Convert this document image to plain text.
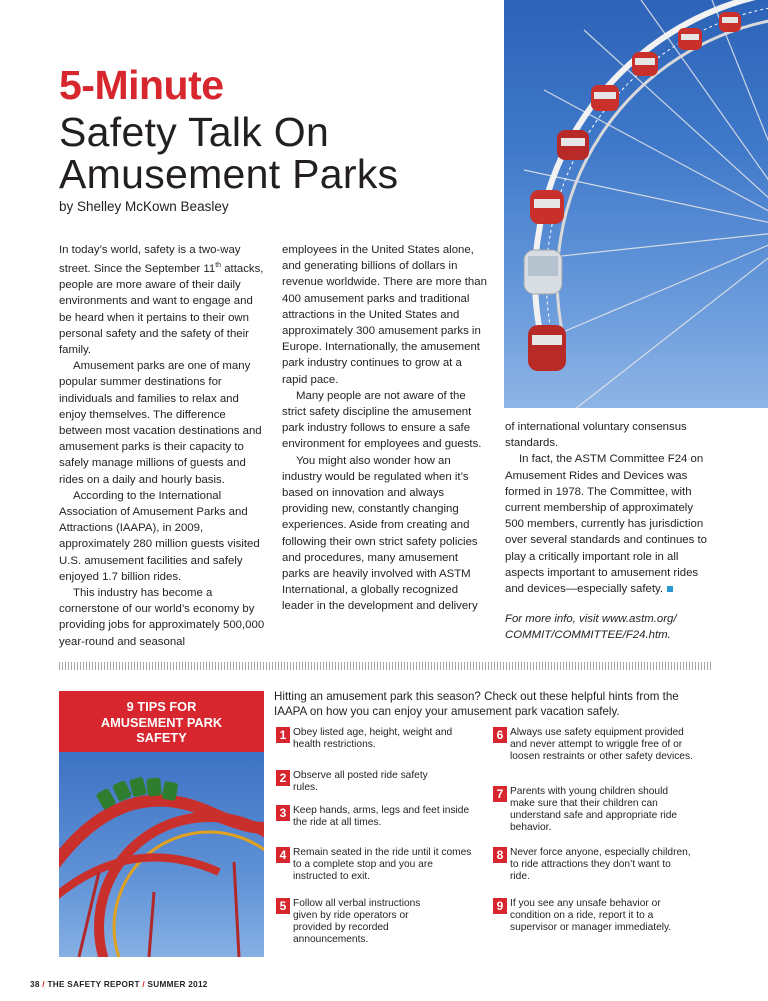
5-Minute
Safety Talk On
Amusement Parks
by Shelley McKown Beasley

In today’s world, safety is a two-way street. Since the September 11th attacks, people are more aware of their daily environments and want to engage and be heard when it pertains to their own personal safety and the safety of their family.

Amusement parks are one of many popular summer destinations for individuals and families to relax and enjoy themselves. The difference between most vacation destinations and amusement parks is their capacity to safely manage millions of guests and rides on a daily and hourly basis.

According to the International Association of Amusement Parks and Attractions (IAAPA), in 2009, approximately 280 million guests visited U.S. amusement facilities and safely enjoyed 1.7 billion rides.

This industry has become a cornerstone of our world’s economy by providing jobs for approximately 500,000 year-round and seasonal

employees in the United States alone, and generating billions of dollars in revenue worldwide. There are more than 400 amusement parks and traditional attractions in the United States and approximately 300 amusement parks in Europe. Internationally, the amusement park industry continues to grow at a rapid pace.

Many people are not aware of the strict safety discipline the amusement park industry follows to ensure a safe environment for employees and guests.

You might also wonder how an industry would be regulated when it’s based on innovation and always providing new, constantly changing experiences. Aside from creating and following their own strict safety policies and procedures, many amusement parks are heavily involved with ASTM International, a globally recognized leader in the development and delivery

of international voluntary consensus standards.

In fact, the ASTM Committee F24 on Amusement Rides and Devices was formed in 1978. The Committee, with current membership of approximately 500 members, currently has jurisdiction over several standards and continues to play a critically important role in all aspects important to amusement rides and devices—especially safety.

For more info, visit www.astm.org/ COMMIT/COMMITTEE/F24.htm.

9 TIPS FOR AMUSEMENT PARK SAFETY
Hitting an amusement park this season? Check out these helpful hints from the IAAPA on how you can enjoy your amusement park vacation safely.
1 Obey listed age, height, weight and health restrictions.
2 Observe all posted ride safety rules.
3 Keep hands, arms, legs and feet inside the ride at all times.
4 Remain seated in the ride until it comes to a complete stop and you are instructed to exit.
5 Follow all verbal instructions given by ride operators or provided by recorded announcements.
6 Always use safety equipment provided and never attempt to wriggle free of or loosen restraints or other safety devices.
7 Parents with young children should make sure that their children can understand safe and appropriate ride behavior.
8 Never force anyone, especially children, to ride attractions they don’t want to ride.
9 If you see any unsafe behavior or condition on a ride, report it to a supervisor or manager immediately.
38 / THE SAFETY REPORT / SUMMER 2012
